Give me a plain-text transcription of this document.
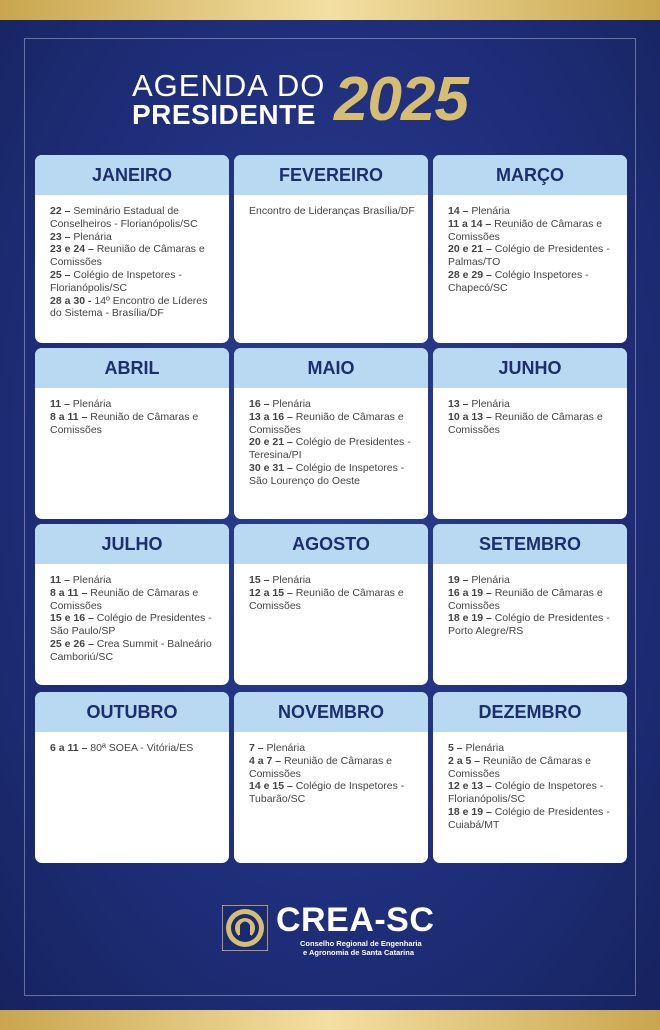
AGENDA DO
PRESIDENTE 2025
JANEIRO
22 – Seminário Estadual de Conselheiros - Florianópolis/SC
23 – Plenária
23 e 24 – Reunião de Câmaras e Comissões
25 – Colégio de Inspetores - Florianópolis/SC
28 a 30 - 14º Encontro de Líderes do Sistema - Brasília/DF
FEVEREIRO
Encontro de Lideranças Brasília/DF
MARÇO
14 – Plenária
11 a 14 – Reunião de Câmaras e Comissões
20 e 21 – Colégio de Presidentes - Palmas/TO
28 e 29 – Colégio Inspetores - Chapecó/SC
ABRIL
11 – Plenária
8 a 11 – Reunião de Câmaras e Comissões
MAIO
16 – Plenária
13 a 16 – Reunião de Câmaras e Comissões
20 e 21 – Colégio de Presidentes - Teresina/PI
30 e 31 – Colégio de Inspetores - São Lourenço do Oeste
JUNHO
13 – Plenária
10 a 13 – Reunião de Câmaras e Comissões
JULHO
11 – Plenária
8 a 11 – Reunião de Câmaras e Comissões
15 e 16 – Colégio de Presidentes - São Paulo/SP
25 e 26 – Crea Summit - Balneário Camboriú/SC
AGOSTO
15 – Plenária
12 a 15 – Reunião de Câmaras e Comissões
SETEMBRO
19 – Plenária
16 a 19 – Reunião de Câmaras e Comissões
18 e 19 – Colégio de Presidentes - Porto Alegre/RS
OUTUBRO
6 a 11 – 80ª SOEA - Vitória/ES
NOVEMBRO
7 – Plenária
4 a 7 – Reunião de Câmaras e Comissões
14 e 15 – Colégio de Inspetores - Tubarão/SC
DEZEMBRO
5 – Plenária
2 a 5 – Reunião de Câmaras e Comissões
12 e 13 – Colégio de Inspetores - Florianópolis/SC
18 e 19 – Colégio de Presidentes - Cuiabá/MT
CREA-SC
Conselho Regional de Engenharia
e Agronomia de Santa Catarina
